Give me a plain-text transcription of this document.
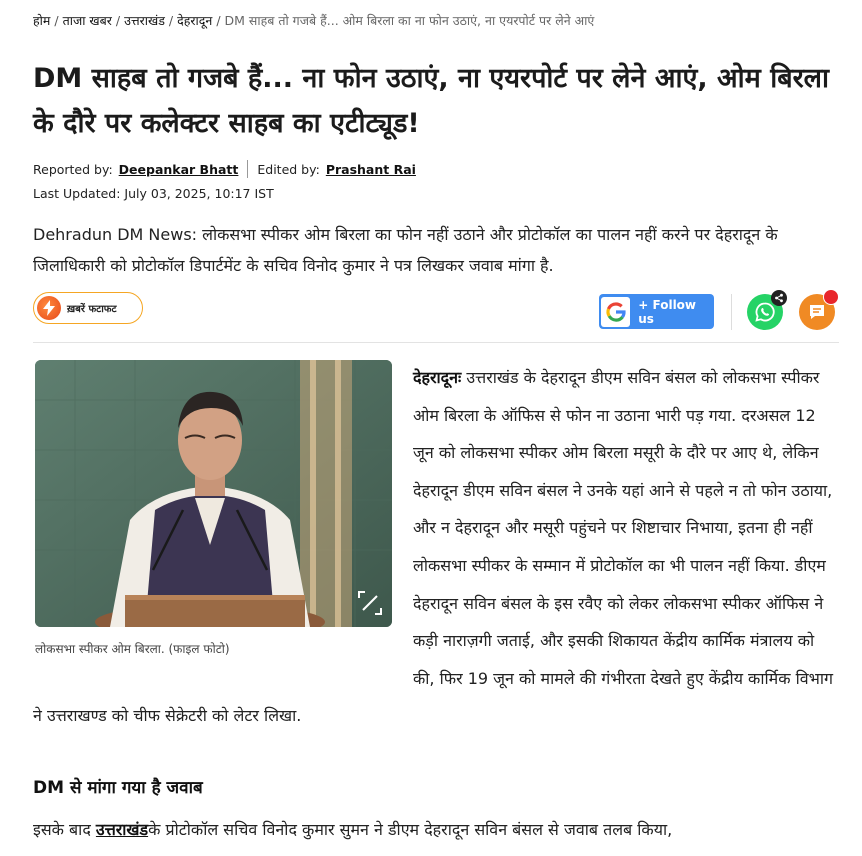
होम / ताजा खबर / उत्तराखंड / देहरादून / DM साहब तो गजबे हैं... ओम बिरला का ना फोन उठाएं, ना एयरपोर्ट पर लेने आएं
DM साहब तो गजबे हैं... ना फोन उठाएं, ना एयरपोर्ट पर लेने आएं, ओम बिरला के दौरे पर कलेक्टर साहब का एटीट्यूड!
Reported by: Deepankar Bhatt Edited by: Prashant Rai
Last Updated: July 03, 2025, 10:17 IST

Dehradun DM News: लोकसभा स्पीकर ओम बिरला का फोन नहीं उठाने और प्रोटोकॉल का पालन नहीं करने पर देहरादून के जिलाधिकारी को प्रोटोकॉल डिपार्टमेंट के सचिव विनोद कुमार ने पत्र लिखकर जवाब मांगा है.

ख़बरें फटाफट	+ Follow us
लोकसभा स्पीकर ओम बिरला. (फाइल फोटो)

देहरादूनः उत्तराखंड के देहरादून डीएम सविन बंसल को लोकसभा स्पीकर ओम बिरला के ऑफिस से फोन ना उठाना भारी पड़ गया. दरअसल 12 जून को लोकसभा स्पीकर ओम बिरला मसूरी के दौरे पर आए थे, लेकिन देहरादून डीएम सविन बंसल ने उनके यहां आने से पहले न तो फोन उठाया, और न देहरादून और मसूरी पहुंचने पर शिष्टाचार निभाया, इतना ही नहीं लोकसभा स्पीकर के सम्मान में प्रोटोकॉल का भी पालन नहीं किया. डीएम देहरादून सविन बंसल के इस रवैए को लेकर लोकसभा स्पीकर ऑफिस ने कड़ी नाराज़गी जताई, और इसकी शिकायत केंद्रीय कार्मिक मंत्रालय को की, फिर 19 जून को मामले की गंभीरता देखते हुए केंद्रीय कार्मिक विभाग ने उत्तराखण्ड को चीफ सेक्रेटरी को लेटर लिखा.

DM से मांगा गया है जवाब

इसके बाद उत्तराखंडके प्रोटोकॉल सचिव विनोद कुमार सुमन ने डीएम देहरादून सविन बंसल से जवाब तलब किया,
